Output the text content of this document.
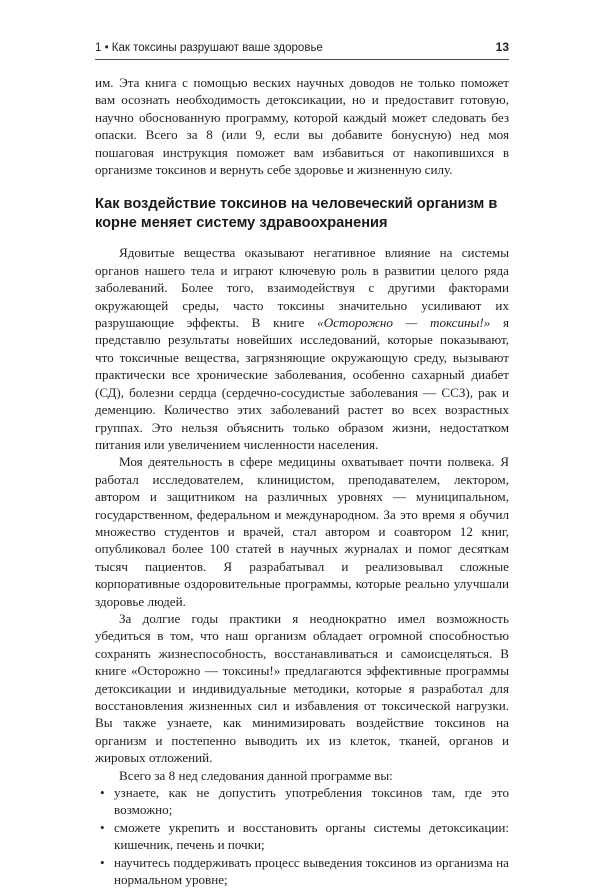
1 • Как токсины разрушают ваше здоровье	13

им. Эта книга с помощью веских научных доводов не только поможет вам осознать необходимость детоксикации, но и предоставит готовую, научно обоснованную программу, которой каждый может следовать без опаски. Всего за 8 (или 9, если вы добавите бонусную) нед моя пошаговая инструкция поможет вам избавиться от накопившихся в организме токсинов и вернуть себе здоровье и жизненную силу.

Как воздействие токсинов на человеческий организм в корне меняет систему здравоохранения

Ядовитые вещества оказывают негативное влияние на системы органов нашего тела и играют ключевую роль в развитии целого ряда заболеваний. Более того, взаимодействуя с другими факторами окружающей среды, часто токсины значительно усиливают их разрушающие эффекты. В книге «Осторожно — токсины!» я представлю результаты новейших исследований, которые показывают, что токсичные вещества, загрязняющие окружающую среду, вызывают практически все хронические заболевания, особенно сахарный диабет (СД), болезни сердца (сердечно-сосудистые заболевания — ССЗ), рак и деменцию. Количество этих заболеваний растет во всех возрастных группах. Это нельзя объяснить только образом жизни, недостатком питания или увеличением численности населения.

Моя деятельность в сфере медицины охватывает почти полвека. Я работал исследователем, клиницистом, преподавателем, лектором, автором и защитником на различных уровнях — муниципальном, государственном, федеральном и международном. За это время я обучил множество студентов и врачей, стал автором и соавтором 12 книг, опубликовал более 100 статей в научных журналах и помог десяткам тысяч пациентов. Я разрабатывал и реализовывал сложные корпоративные оздоровительные программы, которые реально улучшали здоровье людей.

За долгие годы практики я неоднократно имел возможность убедиться в том, что наш организм обладает огромной способностью сохранять жизнеспособность, восстанавливаться и самоисцеляться. В книге «Осторожно — токсины!» предлагаются эффективные программы детоксикации и индивидуальные методики, которые я разработал для восстановления жизненных сил и избавления от токсической нагрузки. Вы также узнаете, как минимизировать воздействие токсинов на организм и постепенно выводить их из клеток, тканей, органов и жировых отложений.

Всего за 8 нед следования данной программе вы:

• узнаете, как не допустить употребления токсинов там, где это возможно;
• сможете укрепить и восстановить органы системы детоксикации: кишечник, печень и почки;
• научитесь поддерживать процесс выведения токсинов из организма на нормальном уровне;
